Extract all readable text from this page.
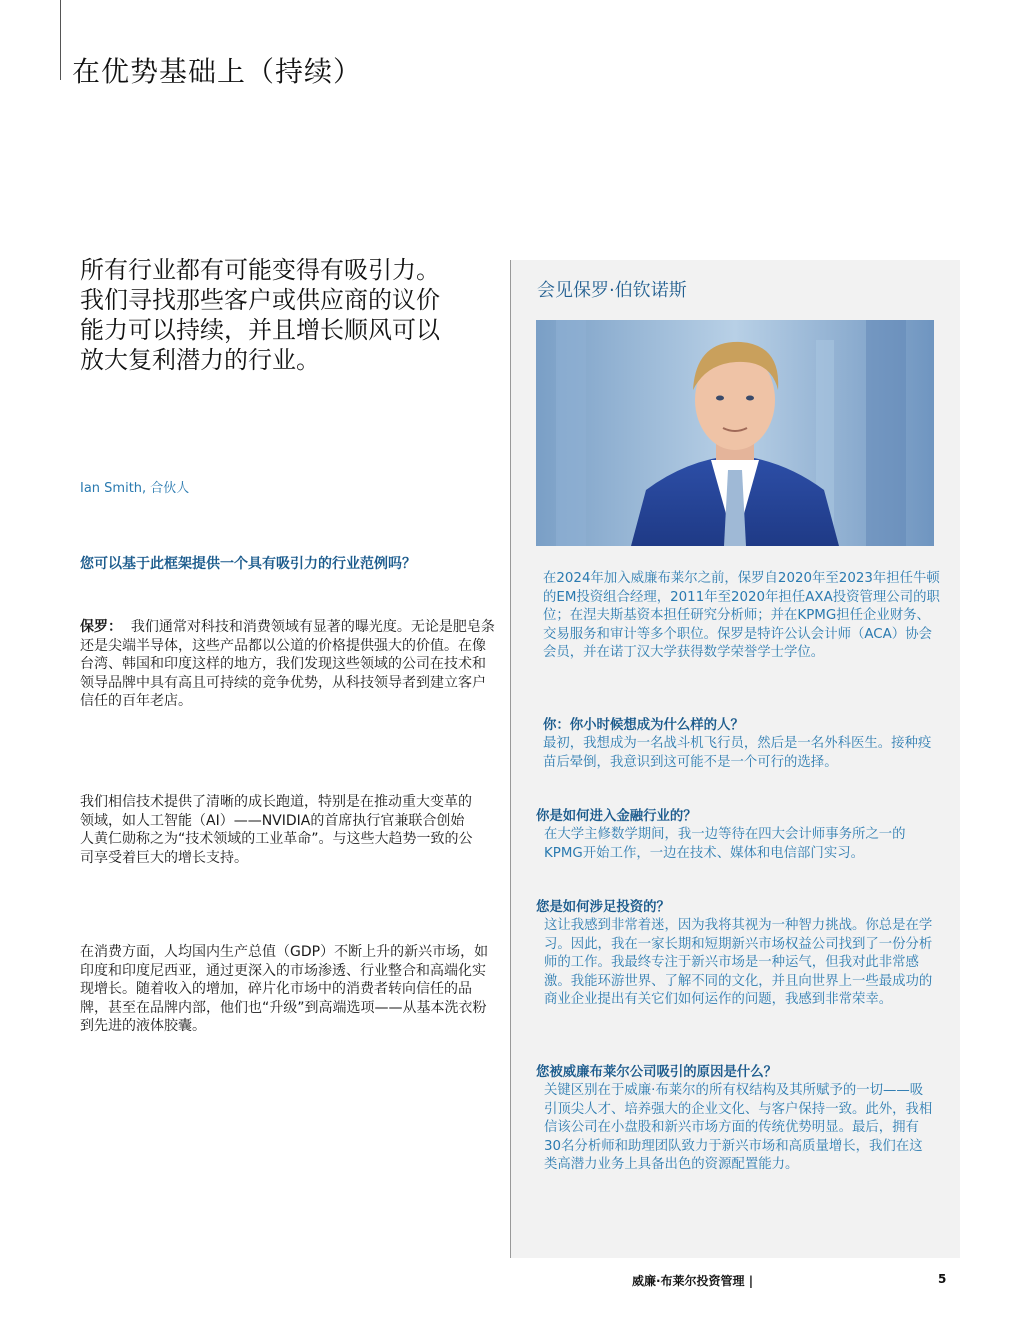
在优势基础上（持续）
所有行业都有可能变得有吸引力。我们寻找那些客户或供应商的议价能力可以持续，并且增长顺风可以放大复利潜力的行业。
Ian Smith, 合伙人
您可以基于此框架提供一个具有吸引力的行业范例吗？
保罗： 我们通常对科技和消费领域有显著的曝光度。无论是肥皂条还是尖端半导体，这些产品都以公道的价格提供强大的价值。在像台湾、韩国和印度这样的地方，我们发现这些领域的公司在技术和领导品牌中具有高且可持续的竞争优势，从科技领导者到建立客户信任的百年老店。
我们相信技术提供了清晰的成长跑道，特别是在推动重大变革的领域，如人工智能（AI）——NVIDIA的首席执行官兼联合创始人黄仁勋称之为“技术领域的工业革命”。与这些大趋势一致的公司享受着巨大的增长支持。
在消费方面，人均国内生产总值（GDP）不断上升的新兴市场，如印度和印度尼西亚，通过更深入的市场渗透、行业整合和高端化实现增长。随着收入的增加，碎片化市场中的消费者转向信任的品牌，甚至在品牌内部，他们也“升级”到高端选项——从基本洗衣粉到先进的液体胶囊。
会见保罗·伯钦诺斯
在2024年加入威廉布莱尔之前，保罗自2020年至2023年担任牛顿的EM投资组合经理，2011年至2020年担任AXA投资管理公司的职位；在涅夫斯基资本担任研究分析师；并在KPMG担任企业财务、交易服务和审计等多个职位。保罗是特许公认会计师（ACA）协会会员，并在诺丁汉大学获得数学荣誉学士学位。
你：你小时候想成为什么样的人？
最初，我想成为一名战斗机飞行员，然后是一名外科医生。接种疫苗后晕倒，我意识到这可能不是一个可行的选择。
你是如何进入金融行业的？
在大学主修数学期间，我一边等待在四大会计师事务所之一的KPMG开始工作，一边在技术、媒体和电信部门实习。
您是如何涉足投资的？
这让我感到非常着迷，因为我将其视为一种智力挑战。你总是在学习。因此，我在一家长期和短期新兴市场权益公司找到了一份分析师的工作。我最终专注于新兴市场是一种运气，但我对此非常感激。我能环游世界、了解不同的文化，并且向世界上一些最成功的商业企业提出有关它们如何运作的问题，我感到非常荣幸。
您被威廉布莱尔公司吸引的原因是什么？
关键区别在于威廉·布莱尔的所有权结构及其所赋予的一切——吸引顶尖人才、培养强大的企业文化、与客户保持一致。此外，我相信该公司在小盘股和新兴市场方面的传统优势明显。最后，拥有30名分析师和助理团队致力于新兴市场和高质量增长，我们在这类高潜力业务上具备出色的资源配置能力。
威廉·布莱尔投资管理 |	5
